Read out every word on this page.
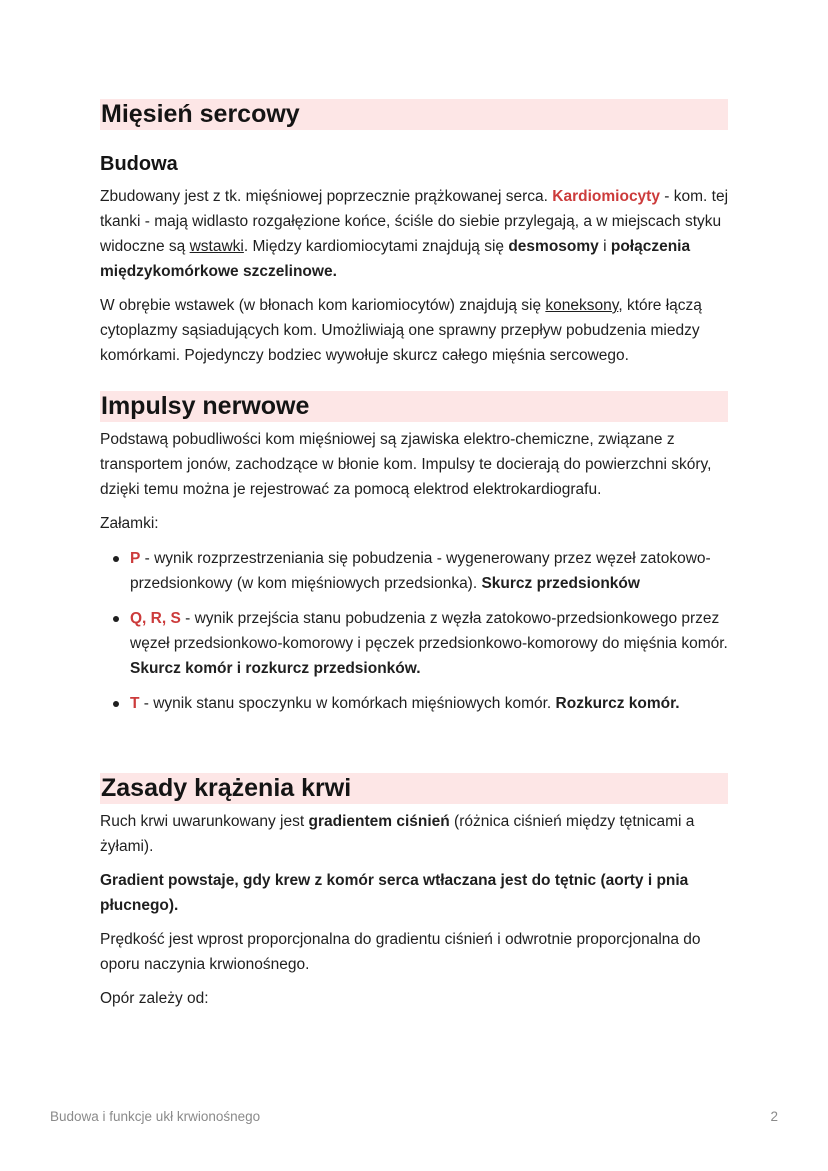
Mięsień sercowy
Budowa

Zbudowany jest z tk. mięśniowej poprzecznie prążkowanej serca. Kardiomiocyty - kom. tej tkanki - mają widlasto rozgałęzione końce, ściśle do siebie przylegają, a w miejscach styku widoczne są wstawki. Między kardiomiocytami znajdują się desmosomy i połączenia międzykomórkowe szczelinowe.

W obrębie wstawek (w błonach kom kariomiocytów) znajdują się koneksony, które łączą cytoplazmy sąsiadujących kom. Umożliwiają one sprawny przepływ pobudzenia miedzy komórkami. Pojedynczy bodziec wywołuje skurcz całego mięśnia sercowego.

Impulsy nerwowe

Podstawą pobudliwości kom mięśniowej są zjawiska elektro-chemiczne, związane z transportem jonów, zachodzące w błonie kom. Impulsy te docierają do powierzchni skóry, dzięki temu można je rejestrować za pomocą elektrod elektrokardiografu.

Załamki:

P - wynik rozprzestrzeniania się pobudzenia - wygenerowany przez węzeł zatokowo-przedsionkowy (w kom mięśniowych przedsionka). Skurcz przedsionków
Q, R, S - wynik przejścia stanu pobudzenia z węzła zatokowo-przedsionkowego przez węzeł przedsionkowo-komorowy i pęczek przedsionkowo-komorowy do mięśnia komór. Skurcz komór i rozkurcz przedsionków.
T - wynik stanu spoczynku w komórkach mięśniowych komór. Rozkurcz komór.
Zasady krążenia krwi

Ruch krwi uwarunkowany jest gradientem ciśnień (różnica ciśnień między tętnicami a żyłami).

Gradient powstaje, gdy krew z komór serca wtłaczana jest do tętnic (aorty i pnia płucnego).

Prędkość jest wprost proporcjonalna do gradientu ciśnień i odwrotnie proporcjonalna do oporu naczynia krwionośnego.

Opór zależy od:

Budowa i funkcje ukł krwionośnego	2
